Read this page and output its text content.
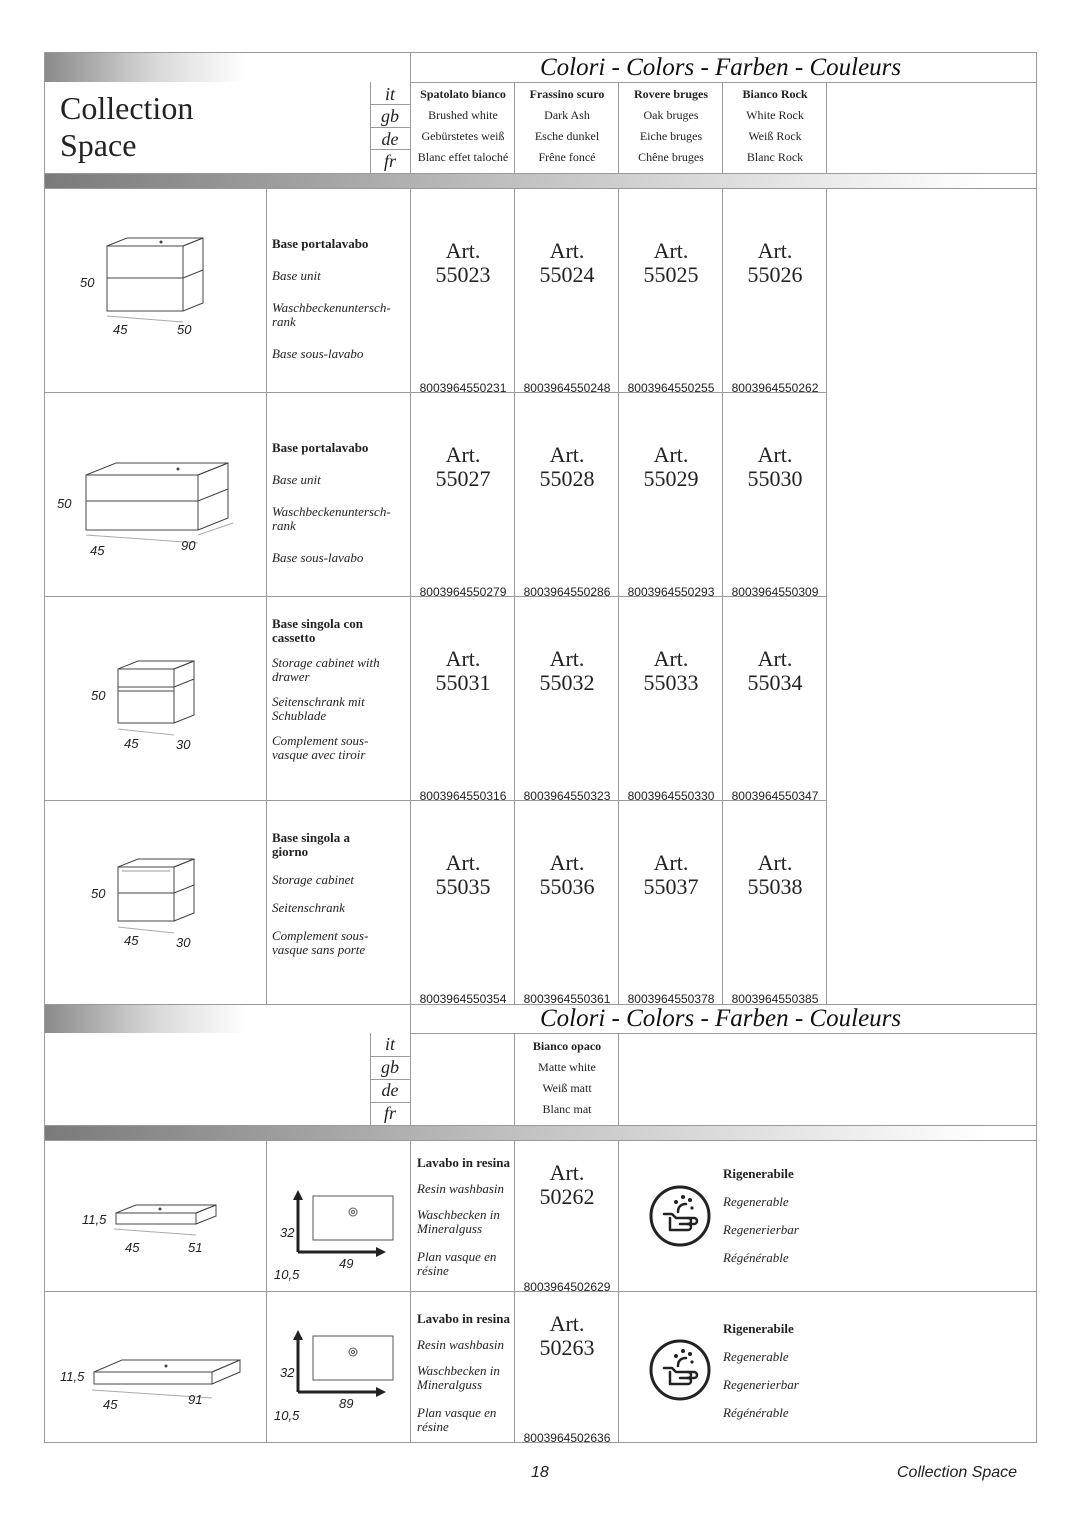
Colori - Colors - Farben - Couleurs
Collection
Space
it
gb
de
fr
Spatolato bianco
Brushed white
Gebürstetes weiß
Blanc effet taloché
Frassino scuro
Dark Ash
Esche dunkel
Frêne foncé
Rovere bruges
Oak bruges
Eiche bruges
Chêne bruges
Bianco Rock
White Rock
Weiß Rock
Blanc Rock
50
45	50
Base portalavabo
Base unit
Waschbeckenuntersch-rank
Base sous-lavabo
Art.
55023
Art.
55024
Art.
55025
Art.
55026
8003964550231	8003964550248	8003964550255	8003964550262
50
45	90
Base portalavabo
Base unit
Waschbeckenuntersch-rank
Base sous-lavabo
Art.
55027
Art.
55028
Art.
55029
Art.
55030
8003964550279	8003964550286	8003964550293	8003964550309
50
45	30
Base singola con cassetto
Storage cabinet with drawer
Seitenschrank mit Schublade
Complement sous-vasque avec tiroir
Art.
55031
Art.
55032
Art.
55033
Art.
55034
8003964550316	8003964550323	8003964550330	8003964550347
50
45	30
Base singola a giorno
Storage cabinet
Seitenschrank
Complement sous-vasque sans porte
Art.
55035
Art.
55036
Art.
55037
Art.
55038
8003964550354	8003964550361	8003964550378	8003964550385
Colori - Colors - Farben - Couleurs
it
gb
de
fr
Bianco opaco
Matte white
Weiß matt
Blanc mat
11,5
45	51
32
49
10,5
Lavabo in resina
Resin washbasin
Waschbecken in Mineralguss
Plan vasque en résine
Art.
50262
8003964502629
Rigenerabile
Regenerable
Regenerierbar
Régénérable
11,5
45	91
32
89
10,5
Lavabo in resina
Resin washbasin
Waschbecken in Mineralguss
Plan vasque en résine
Art.
50263
8003964502636
Rigenerabile
Regenerable
Regenerierbar
Régénérable
18	Collection Space
